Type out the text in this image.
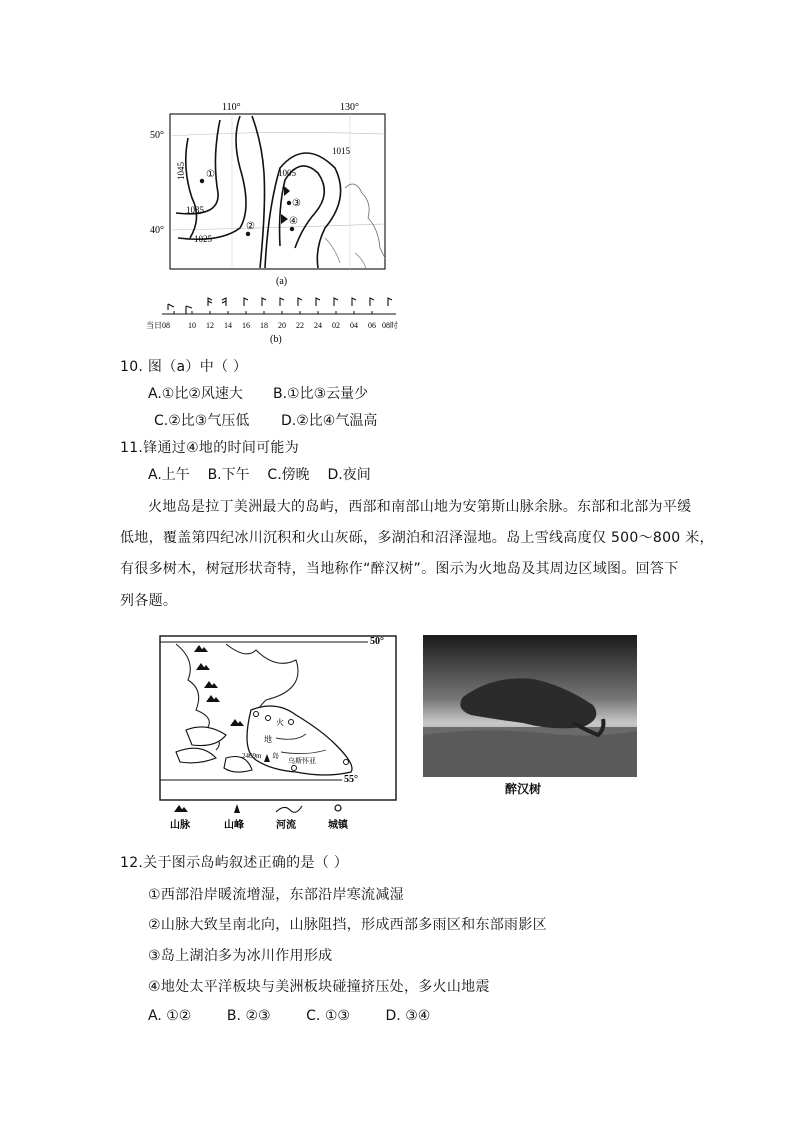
110°	130°
50°
40°
1045
1035
1025
1015
1005
①
②
③
④
(a)
当日08 10 12 14 16 18 20 22 24 02 04 06 08时
(b)
10. 图（a）中（ ）
A.①比②风速大 B.①比③云量少
C.②比③气压低 D.②比④气温高
11.锋通过④地的时间可能为
A.上午    B.下午    C.傍晚    D.夜间
火地岛是拉丁美洲最大的岛屿，西部和南部山地为安第斯山脉余脉。东部和北部为平缓
低地，覆盖第四纪冰川沉积和火山灰砾，多湖泊和沼泽湿地。岛上雪线高度仅 500～800 米，
有很多树木，树冠形状奇特，当地称作“醉汉树”。图示为火地岛及其周边区域图。回答下
列各题。
50°
55°
2469m 岛
火
地
乌斯怀亚
山脉	山峰	河流	城镇
醉汉树
12.关于图示岛屿叙述正确的是（ ）
①西部沿岸暖流增湿，东部沿岸寒流减湿
②山脉大致呈南北向，山脉阻挡，形成西部多雨区和东部雨影区
③岛上湖泊多为冰川作用形成
④地处太平洋板块与美洲板块碰撞挤压处，多火山地震
A. ①②        B. ②③        C. ①③        D. ③④
